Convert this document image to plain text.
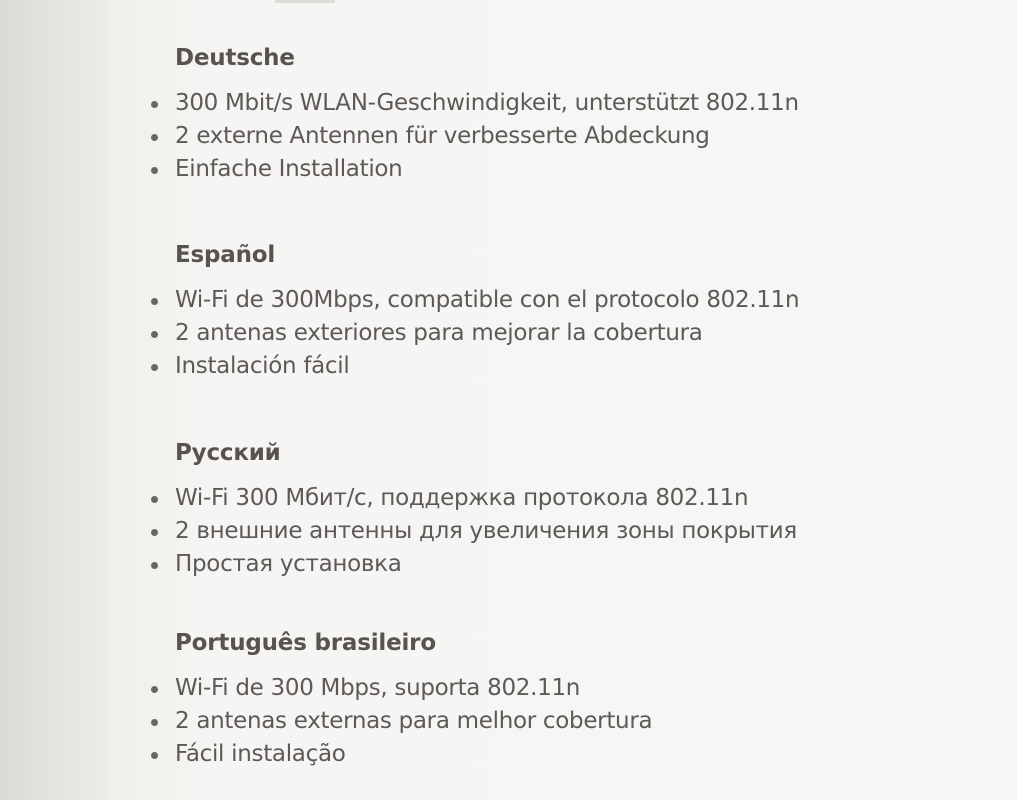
Deutsche
300 Mbit/s WLAN-Geschwindigkeit, unterstützt 802.11n
2 externe Antennen für verbesserte Abdeckung
Einfache Installation
Español
Wi-Fi de 300Mbps, compatible con el protocolo 802.11n
2 antenas exteriores para mejorar la cobertura
Instalación fácil
Русский
Wi-Fi 300 Мбит/с, поддержка протокола 802.11n
2 внешние антенны для увеличения зоны покрытия
Простая установка
Português brasileiro
Wi-Fi de 300 Mbps, suporta 802.11n
2 antenas externas para melhor cobertura
Fácil instalação
